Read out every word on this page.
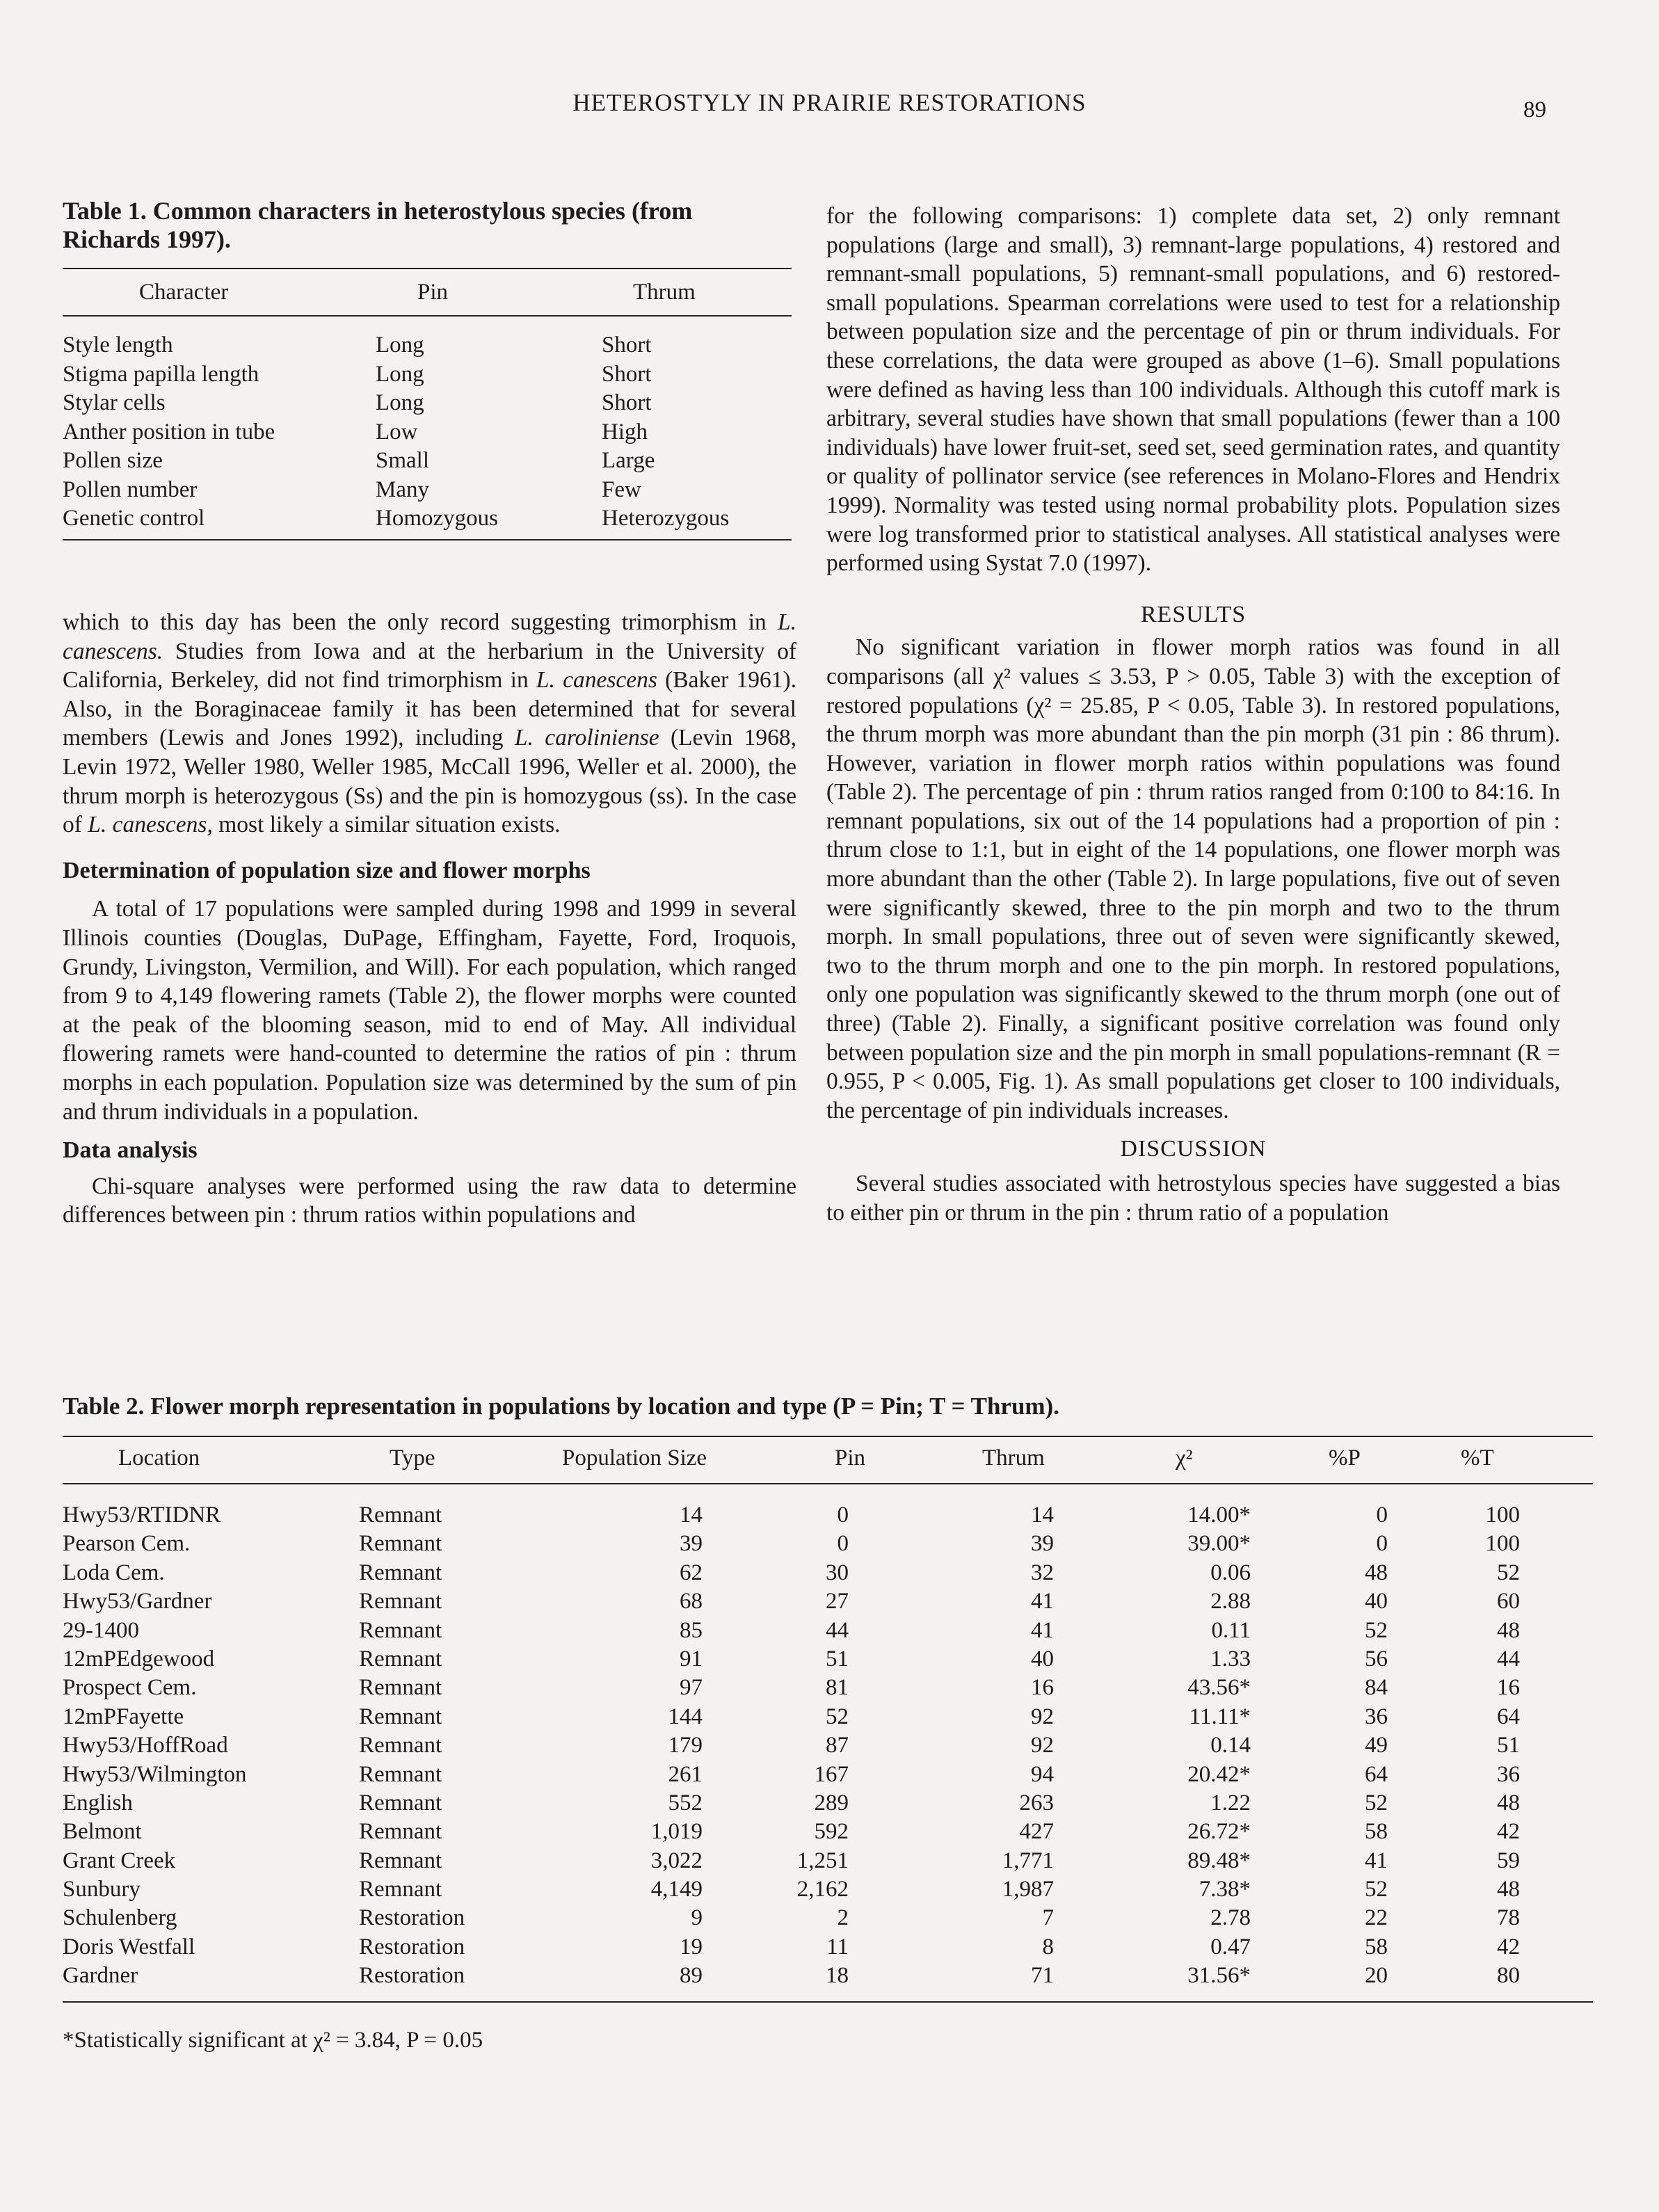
HETEROSTYLY IN PRAIRIE RESTORATIONS	89
Table 1. Common characters in heterostylous species (from
Richards 1997).
Character	Pin	Thrum
Style length	Long	Short
Stigma papilla length	Long	Short
Stylar cells	Long	Short
Anther position in tube	Low	High
Pollen size	Small	Large
Pollen number	Many	Few
Genetic control	Homozygous	Heterozygous

which to this day has been the only record suggesting trimorphism in L. canescens. Studies from Iowa and at the herbarium in the University of California, Berkeley, did not find trimorphism in L. canescens (Baker 1961). Also, in the Boraginaceae family it has been determined that for several members (Lewis and Jones 1992), including L. caroliniense (Levin 1968, Levin 1972, Weller 1980, Weller 1985, McCall 1996, Weller et al. 2000), the thrum morph is heterozygous (Ss) and the pin is homozygous (ss). In the case of L. canescens, most likely a similar situation exists.

Determination of population size and flower morphs

A total of 17 populations were sampled during 1998 and 1999 in several Illinois counties (Douglas, DuPage, Effingham, Fayette, Ford, Iroquois, Grundy, Livingston, Vermilion, and Will). For each population, which ranged from 9 to 4,149 flowering ramets (Table 2), the flower morphs were counted at the peak of the blooming season, mid to end of May. All individual flowering ramets were hand-counted to determine the ratios of pin : thrum morphs in each population. Population size was determined by the sum of pin and thrum individuals in a population.

Data analysis

Chi-square analyses were performed using the raw data to determine differences between pin : thrum ratios within populations and

for the following comparisons: 1) complete data set, 2) only remnant populations (large and small), 3) remnant-large populations, 4) restored and remnant-small populations, 5) remnant-small populations, and 6) restored-small populations. Spearman correlations were used to test for a relationship between population size and the percentage of pin or thrum individuals. For these correlations, the data were grouped as above (1–6). Small populations were defined as having less than 100 individuals. Although this cutoff mark is arbitrary, several studies have shown that small populations (fewer than a 100 individuals) have lower fruit-set, seed set, seed germination rates, and quantity or quality of pollinator service (see references in Molano-Flores and Hendrix 1999). Normality was tested using normal probability plots. Population sizes were log transformed prior to statistical analyses. All statistical analyses were performed using Systat 7.0 (1997).

RESULTS

No significant variation in flower morph ratios was found in all comparisons (all χ² values ≤ 3.53, P > 0.05, Table 3) with the exception of restored populations (χ² = 25.85, P < 0.05, Table 3). In restored populations, the thrum morph was more abundant than the pin morph (31 pin : 86 thrum). However, variation in flower morph ratios within populations was found (Table 2). The percentage of pin : thrum ratios ranged from 0:100 to 84:16. In remnant populations, six out of the 14 populations had a proportion of pin : thrum close to 1:1, but in eight of the 14 populations, one flower morph was more abundant than the other (Table 2). In large populations, five out of seven were significantly skewed, three to the pin morph and two to the thrum morph. In small populations, three out of seven were significantly skewed, two to the thrum morph and one to the pin morph. In restored populations, only one population was significantly skewed to the thrum morph (one out of three) (Table 2). Finally, a significant positive correlation was found only between population size and the pin morph in small populations-remnant (R = 0.955, P < 0.005, Fig. 1). As small populations get closer to 100 individuals, the percentage of pin individuals increases.

DISCUSSION

Several studies associated with hetrostylous species have suggested a bias to either pin or thrum in the pin : thrum ratio of a population

Table 2. Flower morph representation in populations by location and type (P = Pin; T = Thrum).
Location	Type	Population Size	Pin	Thrum	χ²	%P	%T
Hwy53/RTIDNR	Remnant	14	0	14	14.00*	0	100
Pearson Cem.	Remnant	39	0	39	39.00*	0	100
Loda Cem.	Remnant	62	30	32	0.06	48	52
Hwy53/Gardner	Remnant	68	27	41	2.88	40	60
29-1400	Remnant	85	44	41	0.11	52	48
12mPEdgewood	Remnant	91	51	40	1.33	56	44
Prospect Cem.	Remnant	97	81	16	43.56*	84	16
12mPFayette	Remnant	144	52	92	11.11*	36	64
Hwy53/HoffRoad	Remnant	179	87	92	0.14	49	51
Hwy53/Wilmington	Remnant	261	167	94	20.42*	64	36
English	Remnant	552	289	263	1.22	52	48
Belmont	Remnant	1,019	592	427	26.72*	58	42
Grant Creek	Remnant	3,022	1,251	1,771	89.48*	41	59
Sunbury	Remnant	4,149	2,162	1,987	7.38*	52	48
Schulenberg	Restoration	9	2	7	2.78	22	78
Doris Westfall	Restoration	19	11	8	0.47	58	42
Gardner	Restoration	89	18	71	31.56*	20	80
*Statistically significant at χ² = 3.84, P = 0.05
